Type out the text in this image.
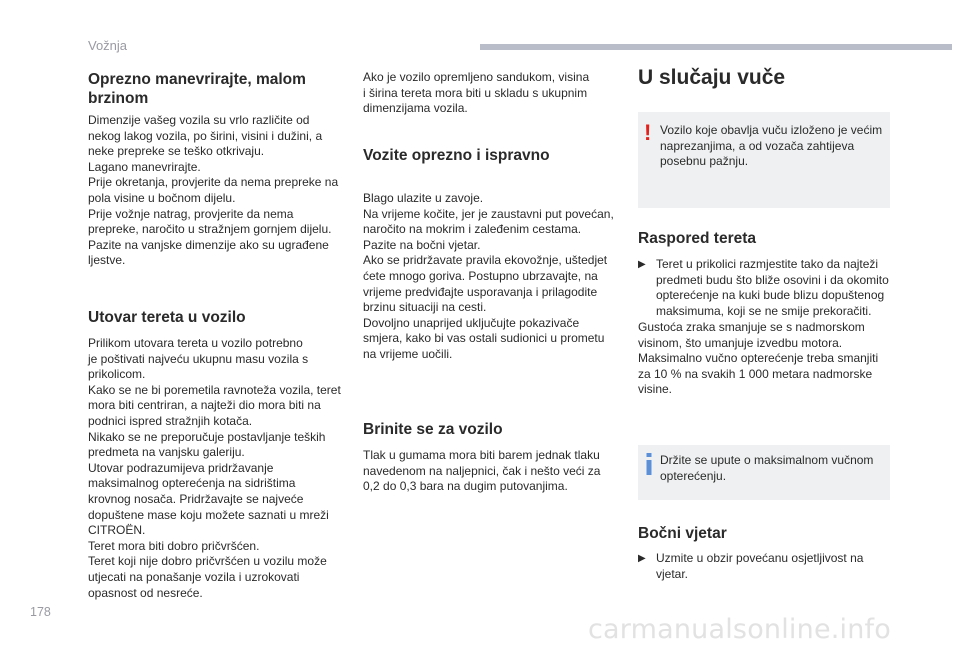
Vožnja
Oprezno manevrirajte, malom brzinom
Dimenzije vašeg vozila su vrlo različite od
nekog lakog vozila, po širini, visini i dužini, a
neke prepreke se teško otkrivaju.
Lagano manevrirajte.
Prije okretanja, provjerite da nema prepreke na
pola visine u bočnom dijelu.
Prije vožnje natrag, provjerite da nema
prepreke, naročito u stražnjem gornjem dijelu.
Pazite na vanjske dimenzije ako su ugrađene
ljestve.
Utovar tereta u vozilo
Prilikom utovara tereta u vozilo potrebno
je poštivati najveću ukupnu masu vozila s
prikolicom.
Kako se ne bi poremetila ravnoteža vozila, teret
mora biti centriran, a najteži dio mora biti na
podnici ispred stražnjih kotača.
Nikako se ne preporučuje postavljanje teških
predmeta na vanjsku galeriju.
Utovar podrazumijeva pridržavanje
maksimalnog opterećenja na sidrištima
krovnog nosača. Pridržavajte se najveće
dopuštene mase koju možete saznati u mreži
CITROËN.
Teret mora biti dobro pričvršćen.
Teret koji nije dobro pričvršćen u vozilu može
utjecati na ponašanje vozila i uzrokovati
opasnost od nesreće.
Ako je vozilo opremljeno sandukom, visina
i širina tereta mora biti u skladu s ukupnim
dimenzijama vozila.
Vozite oprezno i ispravno
Blago ulazite u zavoje.
Na vrijeme kočite, jer je zaustavni put povećan,
naročito na mokrim i zaleđenim cestama.
Pazite na bočni vjetar.
Ako se pridržavate pravila ekovožnje, uštedjet
ćete mnogo goriva. Postupno ubrzavajte, na
vrijeme predviđajte usporavanja i prilagodite
brzinu situaciji na cesti.
Dovoljno unaprijed uključujte pokazivače
smjera, kako bi vas ostali sudionici u prometu
na vrijeme uočili.
Brinite se za vozilo
Tlak u gumama mora biti barem jednak tlaku
navedenom na naljepnici, čak i nešto veći za
0,2 do 0,3 bara na dugim putovanjima.
U slučaju vuče
! Vozilo koje obavlja vuču izloženo je većim
naprezanjima, a od vozača zahtijeva
posebnu pažnju.
Raspored tereta
▶ Teret u prikolici razmjestite tako da najteži
predmeti budu što bliže osovini i da okomito
opterećenje na kuki bude blizu dopuštenog
maksimuma, koji se ne smije prekoračiti.
Gustoća zraka smanjuje se s nadmorskom
visinom, što umanjuje izvedbu motora.
Maksimalno vučno opterećenje treba smanjiti
za 10 % na svakih 1 000 metara nadmorske
visine.
Držite se upute o maksimalnom vučnom
opterećenju.
Bočni vjetar
▶ Uzmite u obzir povećanu osjetljivost na
vjetar.
178
carmanualsonline.info
